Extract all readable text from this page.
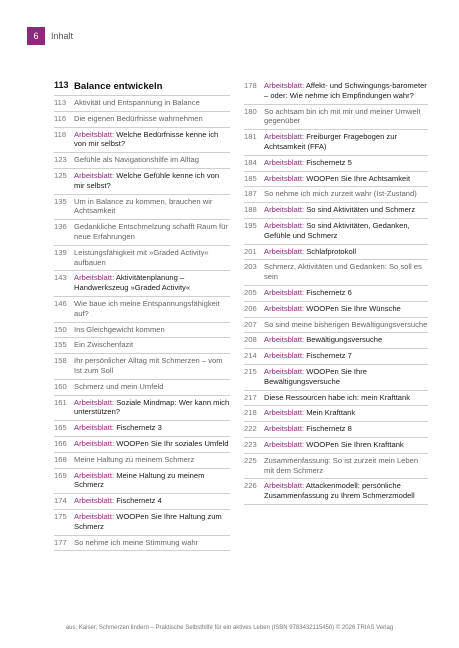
6	Inhalt
113 Balance entwickeln
113	Aktivität und Entspannung in Balance
116	Die eigenen Bedürfnisse wahrnehmen
118	Arbeitsblatt: Welche Bedürfnisse kenne ich von mir selbst?
123 Gefühle als Navigationshilfe im Alltag
125 Arbeitsblatt: Welche Gefühle kenne ich von mir selbst?
135 Um in Balance zu kommen, brauchen wir Achtsamkeit
136 Gedankliche Entschmelzung schafft Raum für neue Erfahrungen
139 Leistungsfähigkeit mit »Graded Activity« aufbauen
143 Arbeitsblatt: Aktivitätenplanung – Handwerkszeug »Graded Activity«
146 Wie baue ich meine Entspannungsfähigkeit auf?
150 Ins Gleichgewicht kommen
155 Ein Zwischenfazit
158 Ihr persönlicher Alltag mit Schmerzen – vom Ist zum Soll
160 Schmerz und mein Umfeld
161 Arbeitsblatt: Soziale Mindmap: Wer kann mich unterstützen?
165 Arbeitsblatt: Fischernetz 3
166 Arbeitsblatt: WOOPen Sie Ihr soziales Umfeld
168 Meine Haltung zu meinem Schmerz
169 Arbeitsblatt: Meine Haltung zu meinem Schmerz
174 Arbeitsblatt: Fischernetz 4
175 Arbeitsblatt: WOOPen Sie Ihre Haltung zum Schmerz
177 So nehme ich meine Stimmung wahr
178 Arbeitsblatt: Affekt- und Schwingungs-barometer – oder: Wie nehme ich Empfindungen wahr?
180 So achtsam bin ich mit mir und meiner Umwelt gegenüber
181 Arbeitsblatt: Freiburger Fragebogen zur Achtsamkeit (FFA)
184 Arbeitsblatt: Fischernetz 5
185 Arbeitsblatt: WOOPen Sie Ihre Achtsamkeit
187 So nehme ich mich zurzeit wahr (Ist-Zustand)
188 Arbeitsblatt: So sind Aktivitäten und Schmerz
195 Arbeitsblatt: So sind Aktivitäten, Gedanken, Gefühle und Schmerz
201 Arbeitsblatt: Schlafprotokoll
203 Schmerz, Aktivitäten und Gedanken: So soll es sein
205 Arbeitsblatt: Fischernetz 6
206 Arbeitsblatt: WOOPen Sie Ihre Wünsche
207 So sind meine bisherigen Bewältigungsversuche
208 Arbeitsblatt: Bewältigungsversuche
214 Arbeitsblatt: Fischernetz 7
215 Arbeitsblatt: WOOPen Sie Ihre Bewältigungsversuche
217 Diese Ressourcen habe ich: mein Krafttank
218 Arbeitsblatt: Mein Krafttank
222 Arbeitsblatt: Fischernetz 8
223 Arbeitsblatt: WOOPen Sie Ihren Krafttank
225 Zusammenfassung: So ist zurzeit mein Leben mit dem Schmerz
226 Arbeitsblatt: Attackenmodell: persönliche Zusammenfassung zu Ihrem Schmerzmodell
aus: Kaiser, Schmerzen lindern – Praktische Selbsthilfe für ein aktives Leben (ISBN 9783432115450) © 2026 TRIAS Verlag
